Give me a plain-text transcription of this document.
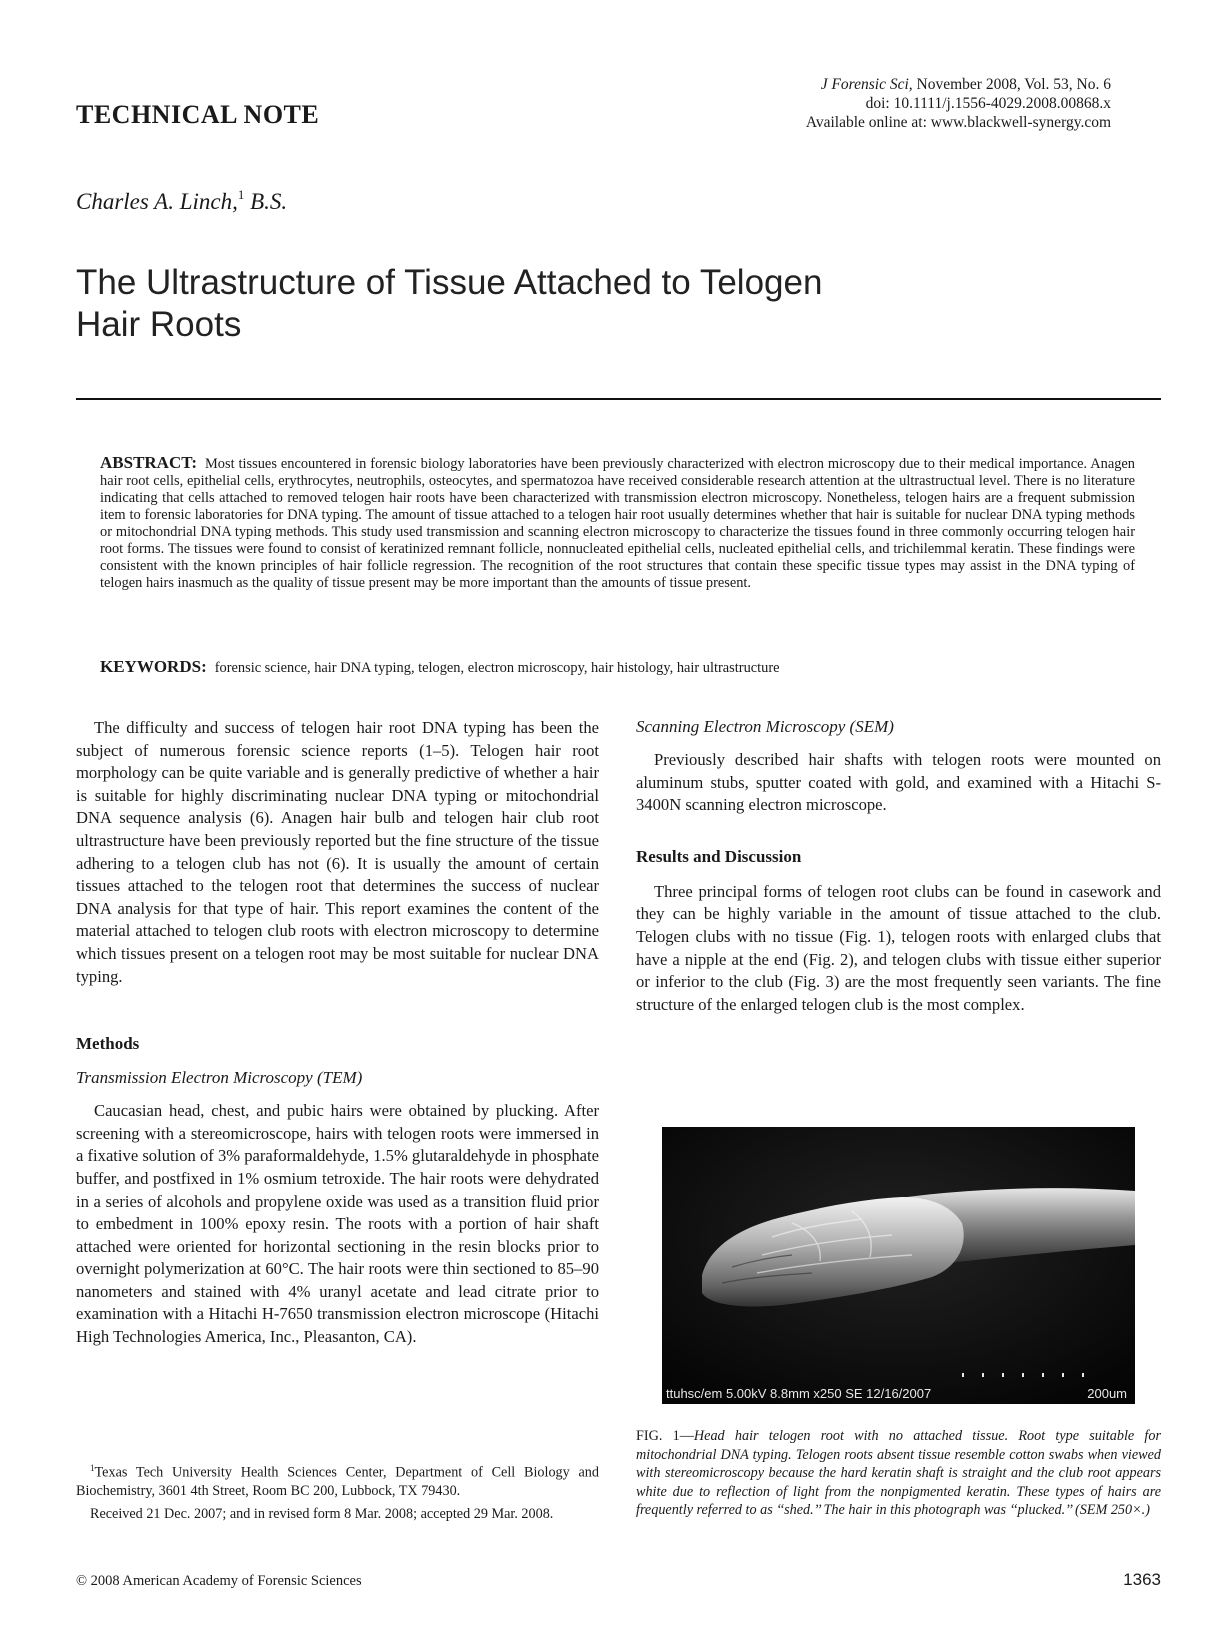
J Forensic Sci, November 2008, Vol. 53, No. 6
doi: 10.1111/j.1556-4029.2008.00868.x
Available online at: www.blackwell-synergy.com
TECHNICAL NOTE
Charles A. Linch,$^1$ B.S.
The Ultrastructure of Tissue Attached to Telogen Hair Roots
ABSTRACT: Most tissues encountered in forensic biology laboratories have been previously characterized with electron microscopy due to their medical importance. Anagen hair root cells, epithelial cells, erythrocytes, neutrophils, osteocytes, and spermatozoa have received considerable research attention at the ultrastructual level. There is no literature indicating that cells attached to removed telogen hair roots have been characterized with transmission electron microscopy. Nonetheless, telogen hairs are a frequent submission item to forensic laboratories for DNA typing. The amount of tissue attached to a telogen hair root usually determines whether that hair is suitable for nuclear DNA typing methods or mitochondrial DNA typing methods. This study used transmission and scanning electron microscopy to characterize the tissues found in three commonly occurring telogen hair root forms. The tissues were found to consist of keratinized remnant follicle, nonnucleated epithelial cells, nucleated epithelial cells, and trichilemmal keratin. These findings were consistent with the known principles of hair follicle regression. The recognition of the root structures that contain these specific tissue types may assist in the DNA typing of telogen hairs inasmuch as the quality of tissue present may be more important than the amounts of tissue present.
KEYWORDS: forensic science, hair DNA typing, telogen, electron microscopy, hair histology, hair ultrastructure

The difficulty and success of telogen hair root DNA typing has been the subject of numerous forensic science reports (1–5). Telogen hair root morphology can be quite variable and is generally predictive of whether a hair is suitable for highly discriminating nuclear DNA typing or mitochondrial DNA sequence analysis (6). Anagen hair bulb and telogen hair club root ultrastructure have been previously reported but the fine structure of the tissue adhering to a telogen club has not (6). It is usually the amount of certain tissues attached to the telogen root that determines the success of nuclear DNA analysis for that type of hair. This report examines the content of the material attached to telogen club roots with electron microscopy to determine which tissues present on a telogen root may be most suitable for nuclear DNA typing.

Methods

Transmission Electron Microscopy (TEM)

Caucasian head, chest, and pubic hairs were obtained by plucking. After screening with a stereomicroscope, hairs with telogen roots were immersed in a fixative solution of 3% paraformaldehyde, 1.5% glutaraldehyde in phosphate buffer, and postfixed in 1% osmium tetroxide. The hair roots were dehydrated in a series of alcohols and propylene oxide was used as a transition fluid prior to embedment in 100% epoxy resin. The roots with a portion of hair shaft attached were oriented for horizontal sectioning in the resin blocks prior to overnight polymerization at 60°C. The hair roots were thin sectioned to 85–90 nanometers and stained with 4% uranyl acetate and lead citrate prior to examination with a Hitachi H-7650 transmission electron microscope (Hitachi High Technologies America, Inc., Pleasanton, CA).

$^1$Texas Tech University Health Sciences Center, Department of Cell Biology and Biochemistry, 3601 4th Street, Room BC 200, Lubbock, TX 79430.

Received 21 Dec. 2007; and in revised form 8 Mar. 2008; accepted 29 Mar. 2008.

Scanning Electron Microscopy (SEM)

Previously described hair shafts with telogen roots were mounted on aluminum stubs, sputter coated with gold, and examined with a Hitachi S-3400N scanning electron microscope.

Results and Discussion

Three principal forms of telogen root clubs can be found in casework and they can be highly variable in the amount of tissue attached to the club. Telogen clubs with no tissue (Fig. 1), telogen roots with enlarged clubs that have a nipple at the end (Fig. 2), and telogen clubs with tissue either superior or inferior to the club (Fig. 3) are the most frequently seen variants. The fine structure of the enlarged telogen club is the most complex.

ttuhsc/em 5.00kV 8.8mm x250 SE 12/16/2007	200um
FIG. 1—Head hair telogen root with no attached tissue. Root type suitable for mitochondrial DNA typing. Telogen roots absent tissue resemble cotton swabs when viewed with stereomicroscopy because the hard keratin shaft is straight and the club root appears white due to reflection of light from the nonpigmented keratin. These types of hairs are frequently referred to as ‘‘shed.’’ The hair in this photograph was ‘‘plucked.’’ (SEM 250×.)
© 2008 American Academy of Forensic Sciences	1363
